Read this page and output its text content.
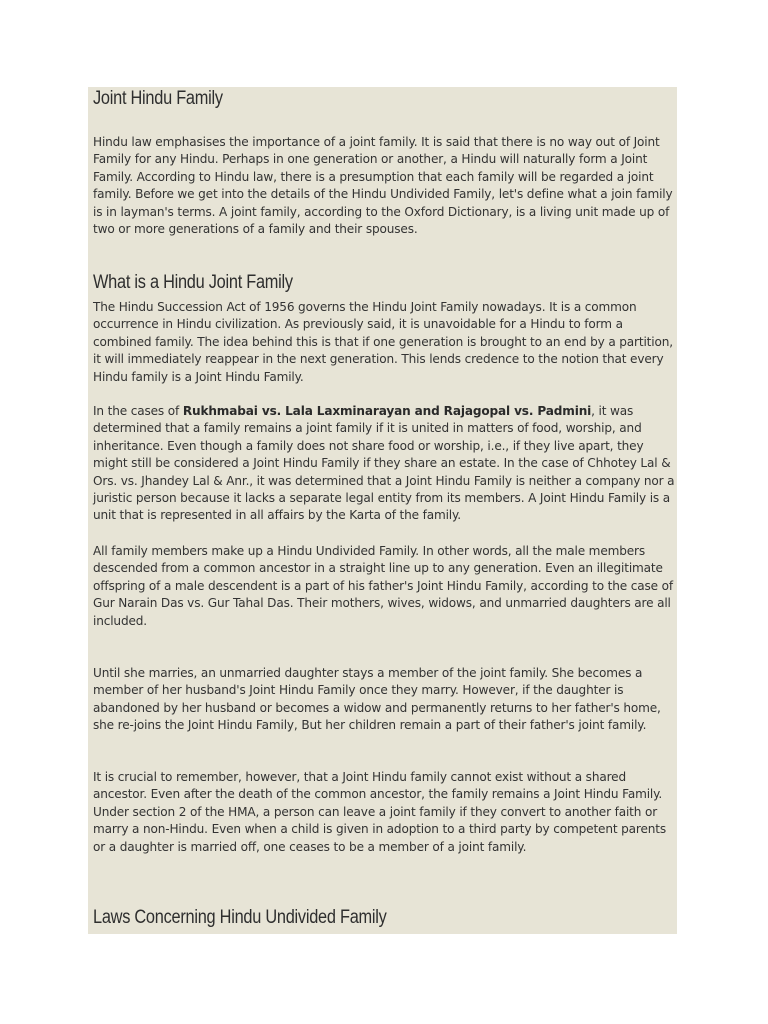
Joint Hindu Family

Hindu law emphasises the importance of a joint family. It is said that there is no way out of Joint Family for any Hindu. Perhaps in one generation or another, a Hindu will naturally form a Joint Family. According to Hindu law, there is a presumption that each family will be regarded a joint family. Before we get into the details of the Hindu Undivided Family, let's define what a join family is in layman's terms. A joint family, according to the Oxford Dictionary, is a living unit made up of two or more generations of a family and their spouses.

What is a Hindu Joint Family

The Hindu Succession Act of 1956 governs the Hindu Joint Family nowadays. It is a common occurrence in Hindu civilization. As previously said, it is unavoidable for a Hindu to form a combined family. The idea behind this is that if one generation is brought to an end by a partition, it will immediately reappear in the next generation. This lends credence to the notion that every Hindu family is a Joint Hindu Family.

In the cases of Rukhmabai vs. Lala Laxminarayan and Rajagopal vs. Padmini, it was determined that a family remains a joint family if it is united in matters of food, worship, and inheritance. Even though a family does not share food or worship, i.e., if they live apart, they might still be considered a Joint Hindu Family if they share an estate. In the case of Chhotey Lal & Ors. vs. Jhandey Lal & Anr., it was determined that a Joint Hindu Family is neither a company nor a juristic person because it lacks a separate legal entity from its members. A Joint Hindu Family is a unit that is represented in all affairs by the Karta of the family.

All family members make up a Hindu Undivided Family. In other words, all the male members descended from a common ancestor in a straight line up to any generation. Even an illegitimate offspring of a male descendent is a part of his father's Joint Hindu Family, according to the case of Gur Narain Das vs. Gur Tahal Das. Their mothers, wives, widows, and unmarried daughters are all included.

Until she marries, an unmarried daughter stays a member of the joint family. She becomes a member of her husband's Joint Hindu Family once they marry. However, if the daughter is abandoned by her husband or becomes a widow and permanently returns to her father's home, she re-joins the Joint Hindu Family, But her children remain a part of their father's joint family.

It is crucial to remember, however, that a Joint Hindu family cannot exist without a shared ancestor. Even after the death of the common ancestor, the family remains a Joint Hindu Family. Under section 2 of the HMA, a person can leave a joint family if they convert to another faith or marry a non-Hindu. Even when a child is given in adoption to a third party by competent parents or a daughter is married off, one ceases to be a member of a joint family.

Laws Concerning Hindu Undivided Family
